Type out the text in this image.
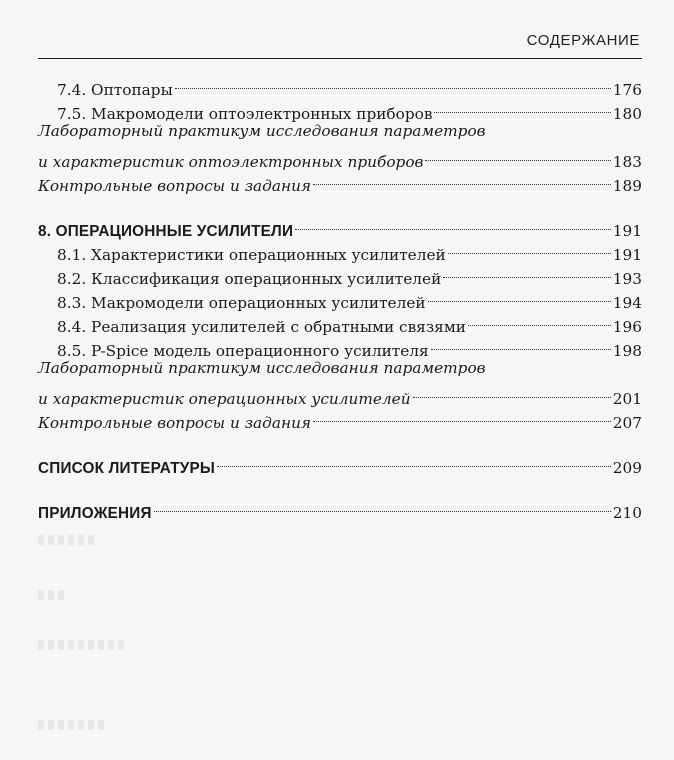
СОДЕРЖАНИЕ
7.4. Оптопары	176
7.5. Макромодели оптоэлектронных приборов	180
Лабораторный практикум исследования параметров
и характеристик оптоэлектронных приборов	183
Контрольные вопросы и задания	189
8. ОПЕРАЦИОННЫЕ УСИЛИТЕЛИ	191
8.1. Характеристики операционных усилителей	191
8.2. Классификация операционных усилителей	193
8.3. Макромодели операционных усилителей	194
8.4. Реализация усилителей с обратными связями	196
8.5. P-Spice модель операционного усилителя	198
Лабораторный практикум исследования параметров
и характеристик операционных усилителей	201
Контрольные вопросы и задания	207
СПИСОК ЛИТЕРАТУРЫ	209
ПРИЛОЖЕНИЯ	210
